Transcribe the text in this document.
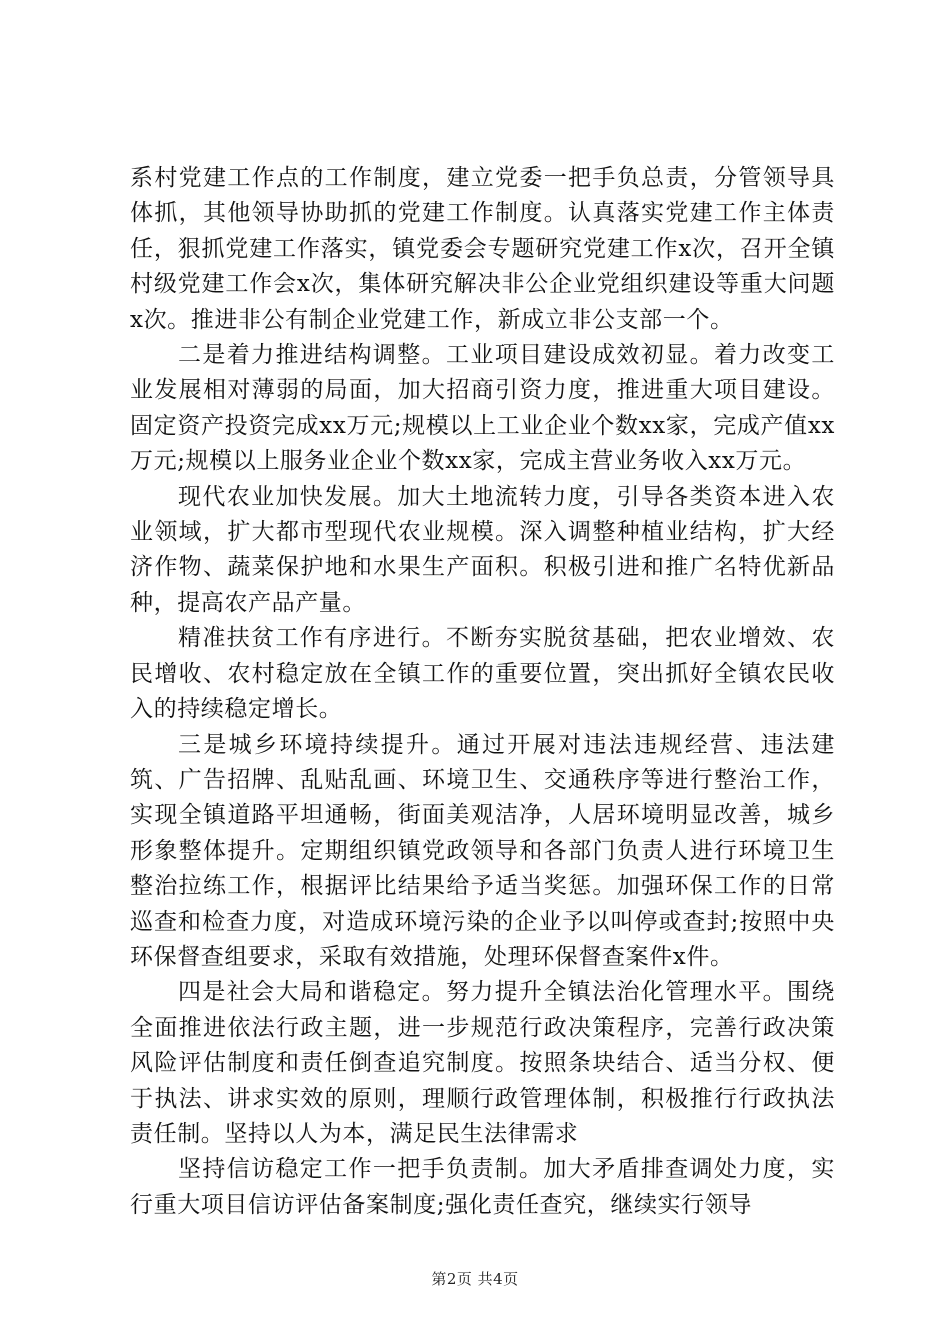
系村党建工作点的工作制度，建立党委一把手负总责，分管领导具体抓，其他领导协助抓的党建工作制度。认真落实党建工作主体责任，狠抓党建工作落实，镇党委会专题研究党建工作x次，召开全镇村级党建工作会x次，集体研究解决非公企业党组织建设等重大问题x次。推进非公有制企业党建工作，新成立非公支部一个。

二是着力推进结构调整。工业项目建设成效初显。着力改变工业发展相对薄弱的局面，加大招商引资力度，推进重大项目建设。固定资产投资完成xx万元;规模以上工业企业个数xx家，完成产值xx万元;规模以上服务业企业个数xx家，完成主营业务收入xx万元。

现代农业加快发展。加大土地流转力度，引导各类资本进入农业领域，扩大都市型现代农业规模。深入调整种植业结构，扩大经济作物、蔬菜保护地和水果生产面积。积极引进和推广名特优新品种，提高农产品产量。

精准扶贫工作有序进行。不断夯实脱贫基础，把农业增效、农民增收、农村稳定放在全镇工作的重要位置，突出抓好全镇农民收入的持续稳定增长。

三是城乡环境持续提升。通过开展对违法违规经营、违法建筑、广告招牌、乱贴乱画、环境卫生、交通秩序等进行整治工作，实现全镇道路平坦通畅，街面美观洁净，人居环境明显改善，城乡形象整体提升。定期组织镇党政领导和各部门负责人进行环境卫生整治拉练工作，根据评比结果给予适当奖惩。加强环保工作的日常巡查和检查力度，对造成环境污染的企业予以叫停或查封;按照中央环保督查组要求，采取有效措施，处理环保督查案件x件。

四是社会大局和谐稳定。努力提升全镇法治化管理水平。围绕全面推进依法行政主题，进一步规范行政决策程序，完善行政决策风险评估制度和责任倒查追究制度。按照条块结合、适当分权、便于执法、讲求实效的原则，理顺行政管理体制，积极推行行政执法责任制。坚持以人为本，满足民生法律需求

坚持信访稳定工作一把手负责制。加大矛盾排查调处力度，实行重大项目信访评估备案制度;强化责任查究，继续实行领导

第2页 共4页
